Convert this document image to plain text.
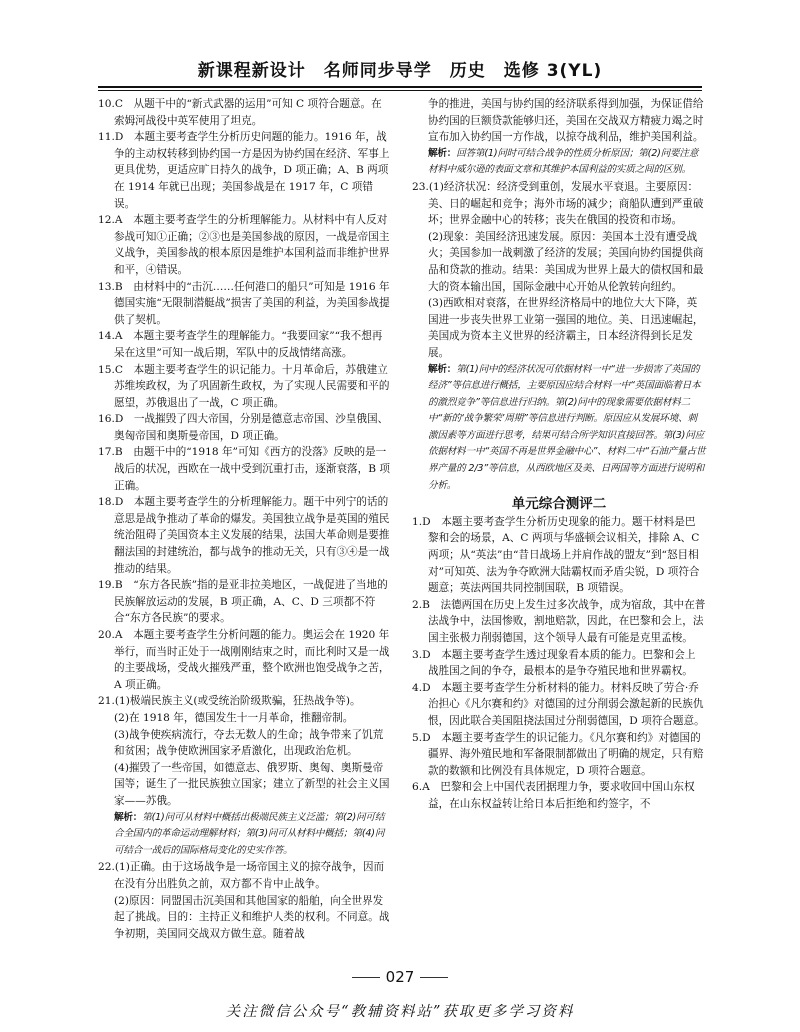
新课程新设计　名师同步导学　历史　选修 3(YL)

10.C　从题干中的“新式武器的运用”可知 C 项符合题意。在索姆河战役中英军使用了坦克。

11.D　本题主要考查学生分析历史问题的能力。1916 年，战争的主动权转移到协约国一方是因为协约国在经济、军事上更具优势，更适应旷日持久的战争，D 项正确；A、B 两项在 1914 年就已出现；美国参战是在 1917 年，C 项错误。

12.A　本题主要考查学生的分析理解能力。从材料中有人反对参战可知①正确；②③也是美国参战的原因，一战是帝国主义战争，美国参战的根本原因是维护本国利益而非维护世界和平，④错误。

13.B　由材料中的“击沉……任何港口的船只”可知是 1916 年德国实施“无限制潜艇战”损害了美国的利益，为美国参战提供了契机。

14.A　本题主要考查学生的理解能力。“我要回家”“我不想再呆在这里”可知一战后期，军队中的反战情绪高涨。

15.C　本题主要考查学生的识记能力。十月革命后，苏俄建立苏维埃政权，为了巩固新生政权，为了实现人民需要和平的愿望，苏俄退出了一战，C 项正确。

16.D　一战摧毁了四大帝国，分别是德意志帝国、沙皇俄国、奥匈帝国和奥斯曼帝国，D 项正确。

17.B　由题干中的“1918 年”可知《西方的没落》反映的是一战后的状况，西欧在一战中受到沉重打击，逐渐衰落，B 项正确。

18.D　本题主要考查学生的分析理解能力。题干中列宁的话的意思是战争推动了革命的爆发。美国独立战争是英国的殖民统治阻碍了美国资本主义发展的结果，法国大革命则是要推翻法国的封建统治，都与战争的推动无关，只有③④是一战推动的结果。

19.B　“东方各民族”指的是亚非拉美地区，一战促进了当地的民族解放运动的发展，B 项正确，A、C、D 三项都不符合“东方各民族”的要求。

20.A　本题主要考查学生分析问题的能力。奥运会在 1920 年举行，而当时正处于一战刚刚结束之时，而比利时又是一战的主要战场，受战火摧残严重，整个欧洲也饱受战争之苦，A 项正确。

21.(1)极端民族主义(或受统治阶级欺骗，狂热战争等)。

(2)在 1918 年，德国发生十一月革命，推翻帝制。

(3)战争使疾病流行，夺去无数人的生命；战争带来了饥荒和贫困；战争使欧洲国家矛盾激化，出现政治危机。

(4)摧毁了一些帝国，如德意志、俄罗斯、奥匈、奥斯曼帝国等；诞生了一批民族独立国家；建立了新型的社会主义国家——苏俄。

解析：第(1)问可从材料中概括出极端民族主义泛滥；第(2)问可结合全国内的革命运动理解材料；第(3)问可从材料中概括；第(4)问可结合一战后的国际格局变化的史实作答。

22.(1)正确。由于这场战争是一场帝国主义的掠夺战争，因而在没有分出胜负之前，双方都不肯中止战争。

(2)原因：同盟国击沉美国和其他国家的船舶，向全世界发起了挑战。目的：主持正义和维护人类的权利。不同意。战争初期，美国同交战双方做生意。随着战

争的推进，美国与协约国的经济联系得到加强，为保证借给协约国的巨额贷款能够归还，美国在交战双方精疲力竭之时宣布加入协约国一方作战，以掠夺战利品，维护美国利益。

解析：回答第(1)问时可结合战争的性质分析原因；第(2)问要注意材料中威尔逊的表面文章和其维护本国利益的实质之间的区别。

23.(1)经济状况：经济受到重创，发展水平衰退。主要原因：美、日的崛起和竞争；海外市场的减少；商船队遭到严重破坏；世界金融中心的转移；丧失在俄国的投资和市场。

(2)现象：美国经济迅速发展。原因：美国本土没有遭受战火；美国参加一战刺激了经济的发展；美国向协约国提供商品和贷款的推动。结果：美国成为世界上最大的债权国和最大的资本输出国，国际金融中心开始从伦敦转向纽约。

(3)西欧相对衰落，在世界经济格局中的地位大大下降，英国进一步丧失世界工业第一强国的地位。美、日迅速崛起，美国成为资本主义世界的经济霸主，日本经济得到长足发展。

解析：第(1)问中的经济状况可依据材料一中“进一步损害了英国的经济”等信息进行概括，主要原因应结合材料一中“英国面临着日本的激烈竞争”等信息进行归纳。第(2)问中的现象需要依据材料二中“新的‘战争繁荣’周期”等信息进行判断。原因应从发展环境、刺激因素等方面进行思考，结果可结合所学知识直接回答。第(3)问应依据材料一中“英国不再是世界金融中心”、材料二中“石油产量占世界产量的 2/3”等信息，从西欧地区及美、日两国等方面进行说明和分析。

单元综合测评二

1.D　本题主要考查学生分析历史现象的能力。题干材料是巴黎和会的场景，A、C 两项与华盛顿会议相关，排除 A、C 两项；从“英法”由“昔日战场上并肩作战的盟友”到“怒目相对”可知英、法为争夺欧洲大陆霸权而矛盾尖锐，D 项符合题意；英法两国共同控制国联，B 项错误。

2.B　法德两国在历史上发生过多次战争，成为宿敌，其中在普法战争中，法国惨败，割地赔款，因此，在巴黎和会上，法国主张极力削弱德国，这个领导人最有可能是克里孟梭。

3.D　本题主要考查学生透过现象看本质的能力。巴黎和会上战胜国之间的争夺，最根本的是争夺殖民地和世界霸权。

4.D　本题主要考查学生分析材料的能力。材料反映了劳合·乔治担心《凡尔赛和约》对德国的过分削弱会激起新的民族仇恨，因此联合美国阻挠法国过分削弱德国，D 项符合题意。

5.D　本题主要考查学生的识记能力。《凡尔赛和约》对德国的疆界、海外殖民地和军备限制都做出了明确的规定，只有赔款的数额和比例没有具体规定，D 项符合题意。

6.A　巴黎和会上中国代表团据理力争，要求收回中国山东权益，在山东权益转让给日本后拒绝和约签字，不

027
关注微信公众号“教辅资料站”获取更多学习资料
